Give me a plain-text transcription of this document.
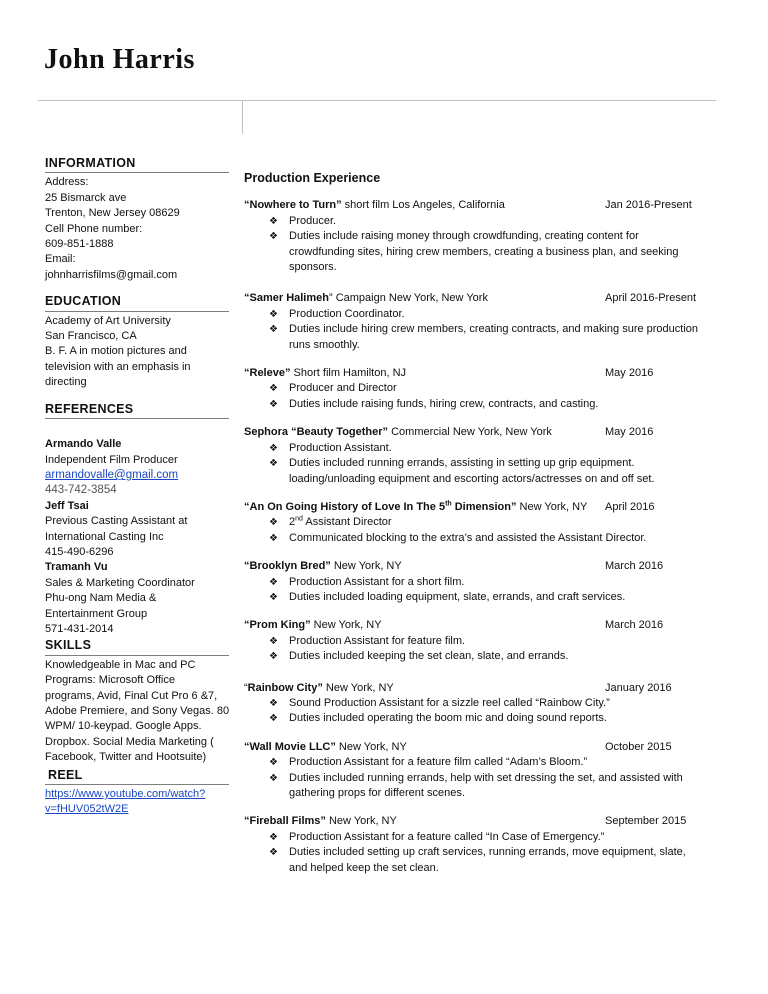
John Harris
INFORMATION
Address:
25 Bismarck ave
Trenton, New Jersey 08629
Cell Phone number:
609-851-1888
Email:
johnharrisfilms@gmail.com
EDUCATION
Academy of Art University
San Francisco, CA
B. F. A in motion pictures and
television with an emphasis in
directing
REFERENCES
Armando Valle
Independent Film Producer
armandovalle@gmail.com
443-742-3854
Jeff Tsai
Previous Casting Assistant at
International Casting Inc
415-490-6296
Tramanh Vu
Sales & Marketing Coordinator
Phu-ong Nam Media &
Entertainment Group
571-431-2014
SKILLS
Knowledgeable in Mac and PC
Programs: Microsoft Office
programs, Avid, Final Cut Pro 6 &7,
Adobe Premiere, and Sony Vegas. 80
WPM/ 10-keypad. Google Apps.
Dropbox. Social Media Marketing (
Facebook, Twitter and Hootsuite)
REEL
https://www.youtube.com/watch?
v=fHUV052tW2E
Production Experience
“Nowhere to Turn” short film Los Angeles, California	Jan 2016-Present
❖ Producer.
❖ Duties include raising money through crowdfunding, creating content for
crowdfunding sites, hiring crew members, creating a business plan, and seeking
sponsors.
“Samer Halimeh” Campaign New York, New York	April 2016-Present
❖ Production Coordinator.
❖ Duties include hiring crew members, creating contracts, and making sure production
runs smoothly.
“Releve” Short film Hamilton, NJ	May 2016
❖ Producer and Director
❖ Duties include raising funds, hiring crew, contracts, and casting.
Sephora “Beauty Together” Commercial New York, New York	May 2016
❖ Production Assistant.
❖ Duties included running errands, assisting in setting up grip equipment.
loading/unloading equipment and escorting actors/actresses on and off set.
“An On Going History of Love In The 5th Dimension” New York, NY April 2016
❖ 2nd Assistant Director
❖ Communicated blocking to the extra’s and assisted the Assistant Director.
“Brooklyn Bred” New York, NY	March 2016
❖ Production Assistant for a short film.
❖ Duties included loading equipment, slate, errands, and craft services.
“Prom King” New York, NY	March 2016
❖ Production Assistant for feature film.
❖ Duties included keeping the set clean, slate, and errands.
“Rainbow City” New York, NY	January 2016
❖ Sound Production Assistant for a sizzle reel called “Rainbow City.”
❖ Duties included operating the boom mic and doing sound reports.
“Wall Movie LLC” New York, NY	October 2015
❖ Production Assistant for a feature film called “Adam’s Bloom.”
❖ Duties included running errands, help with set dressing the set, and assisted with
gathering props for different scenes.
“Fireball Films” New York, NY	September 2015
❖ Production Assistant for a feature called “In Case of Emergency.”
❖ Duties included setting up craft services, running errands, move equipment, slate,
and helped keep the set clean.
